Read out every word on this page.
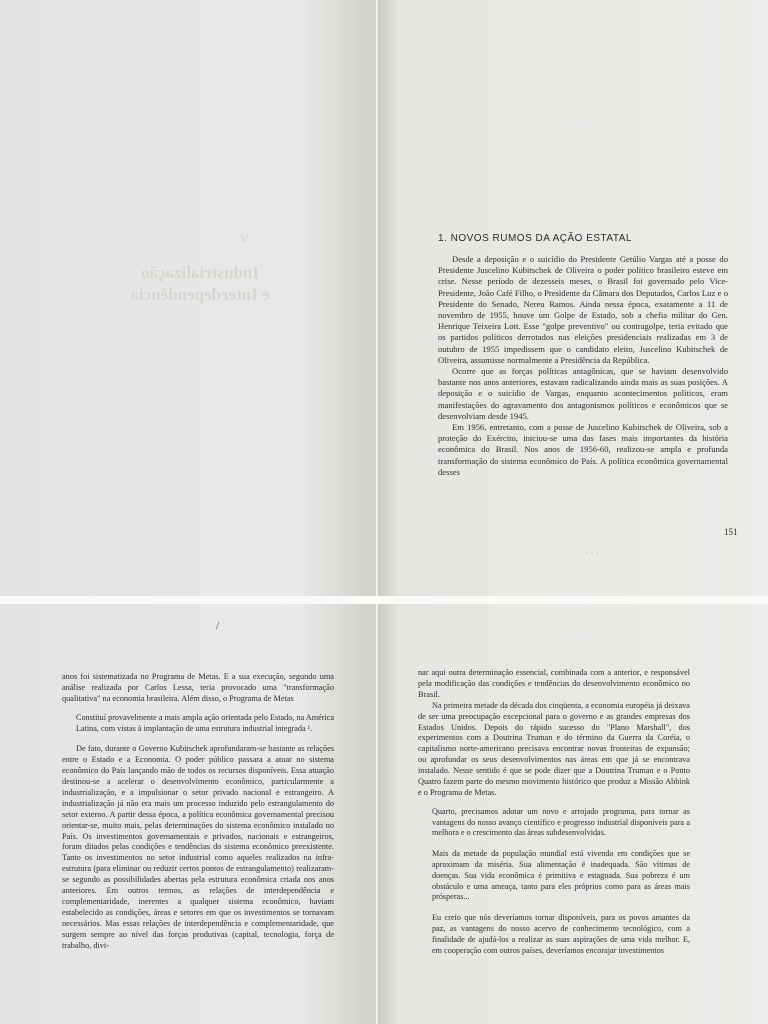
V
Industrialização
e Interdependência
1. NOVOS RUMOS DA AÇÃO ESTATAL

Desde a deposição e o suicídio do Presidente Getúlio Vargas até a posse do Presidente Juscelino Kubitschek de Oliveira o poder político brasileiro esteve em crise. Nesse período de dezesseis meses, o Brasil foi governado pelo Vice-Presidente, João Café Filho, o Presidente da Câmara dos Deputados, Carlos Luz e o Presidente do Senado, Nereu Ramos. Ainda nessa época, exatamente a 11 de novembro de 1955, houve um Golpe de Estado, sob a chefia militar do Gen. Henrique Teixeira Lott. Esse "golpe preventivo" ou contragolpe, teria evitado que os partidos políticos derrotados nas eleições presidenciais realizadas em 3 de outubro de 1955 impedissem que o candidato eleito, Juscelino Kubitschek de Oliveira, assumisse normalmente a Presidência da República.

Ocorre que as forças políticas antagônicas, que se haviam desenvolvido bastante nos anos anteriores, estavam radicalizando ainda mais as suas posições. A deposição e o suicídio de Vargas, enquanto acontecimentos políticos, eram manifestações do agravamento dos antagonismos políticos e econômicos que se desenvolviam desde 1945.

Em 1956, entretanto, com a posse de Juscelino Kubitschek de Oliveira, sob a proteção do Exército, iniciou-se uma das fases mais importantes da história econômica do Brasil. Nos anos de 1956-60, realizou-se ampla e profunda transformação do sistema econômico do País. A política econômica governamental desses

151
· ˏ ˏ ˏ ˏ
/

anos foi sistematizada no Programa de Metas. E a sua execução, segundo uma análise realizada por Carlos Lessa, teria provocado uma "transformação qualitativa" na economia brasileira. Além disso, o Programa de Metas

Constituí provavelmente a mais ampla ação orientada pelo Estado, na América Latina, com vistas à implantação de uma estrutura industrial integrada ¹.

De fato, durante o Governo Kubitschek aprofundaram-se bastante as relações entre o Estado e a Economia. O poder público passara a atuar no sistema econômico do País lançando mão de todos os recursos disponíveis. Essa atuação destinou-se a acelerar o desenvolvimento econômico, particularmente a industrialização, e a impulsionar o setor privado nacional e estrangeiro. A industrialização já não era mais um processo induzido pelo estrangulamento do setor externo. A partir dessa época, a política econômica governamental precisou orientar-se, muito mais, pelas determinações do sistema econômico instalado no País. Os investimentos governamentais e privados, nacionais e estrangeiros, foram ditados pelas condições e tendências do sistema econômico preexistente. Tanto os investimentos no setor industrial como aqueles realizados na infra-estrutura (para eliminar ou reduzir certos pontos de estrangulamento) realizaram-se segundo as possibilidades abertas pela estrutura econômica criada nos anos anteriores. Em outros termos, as relações de interdependência e complementaridade, inerentes a qualquer sistema econômico, haviam estabelecido as condições, áreas e setores em que os investimentos se tornavam necessários. Mas essas relações de interdependência e complementaridade, que surgem sempre ao nível das forças produtivas (capital, tecnologia, força de trabalho, divi-

nar aqui outra determinação essencial, combinada com a anterior, e responsável pela modificação das condições e tendências do desenvolvimento econômico no Brasil.

Na primeira metade da década dos cinqüenta, a economia européia já deixava de ser uma preocupação excepcional para o governo e as grandes empresas dos Estados Unidos. Depois do rápido sucesso do "Plano Marshall", dos experimentos com a Doutrina Truman e do término da Guerra da Coréia, o capitalismo norte-americano precisava encontrar novas fronteiras de expansão; ou aprofundar os seus desenvolvimentos nas áreas em que já se encontrava instalado. Nesse sentido é que se pode dizer que a Doutrina Truman e o Ponto Quatro fazem parte do mesmo movimento histórico que produz a Missão Abbink e o Programa de Metas.

Quarto, precisamos adotar um novo e arrojado programa, para tornar as vantagens do nosso avanço científico e progresso industrial disponíveis para a melhora e o crescimento das áreas subdesenvolvidas.
Mais da metade da população mundial está vivendo em condições que se aproximam da miséria. Sua alimentação é inadequada. São vítimas de doenças. Sua vida econômica é primitiva e estagnada. Sua pobreza é um obstáculo e uma ameaça, tanto para eles próprios como para as áreas mais prósperas...
Eu creio que nós deveríamos tornar disponíveis, para os povos amantes da paz, as vantagens do nosso acervo de conhecimento tecnológico, com a finalidade de ajudá-los a realizar as suas aspirações de uma vida melhor. E, em cooperação com outros países, deveríamos encorajar investimentos
